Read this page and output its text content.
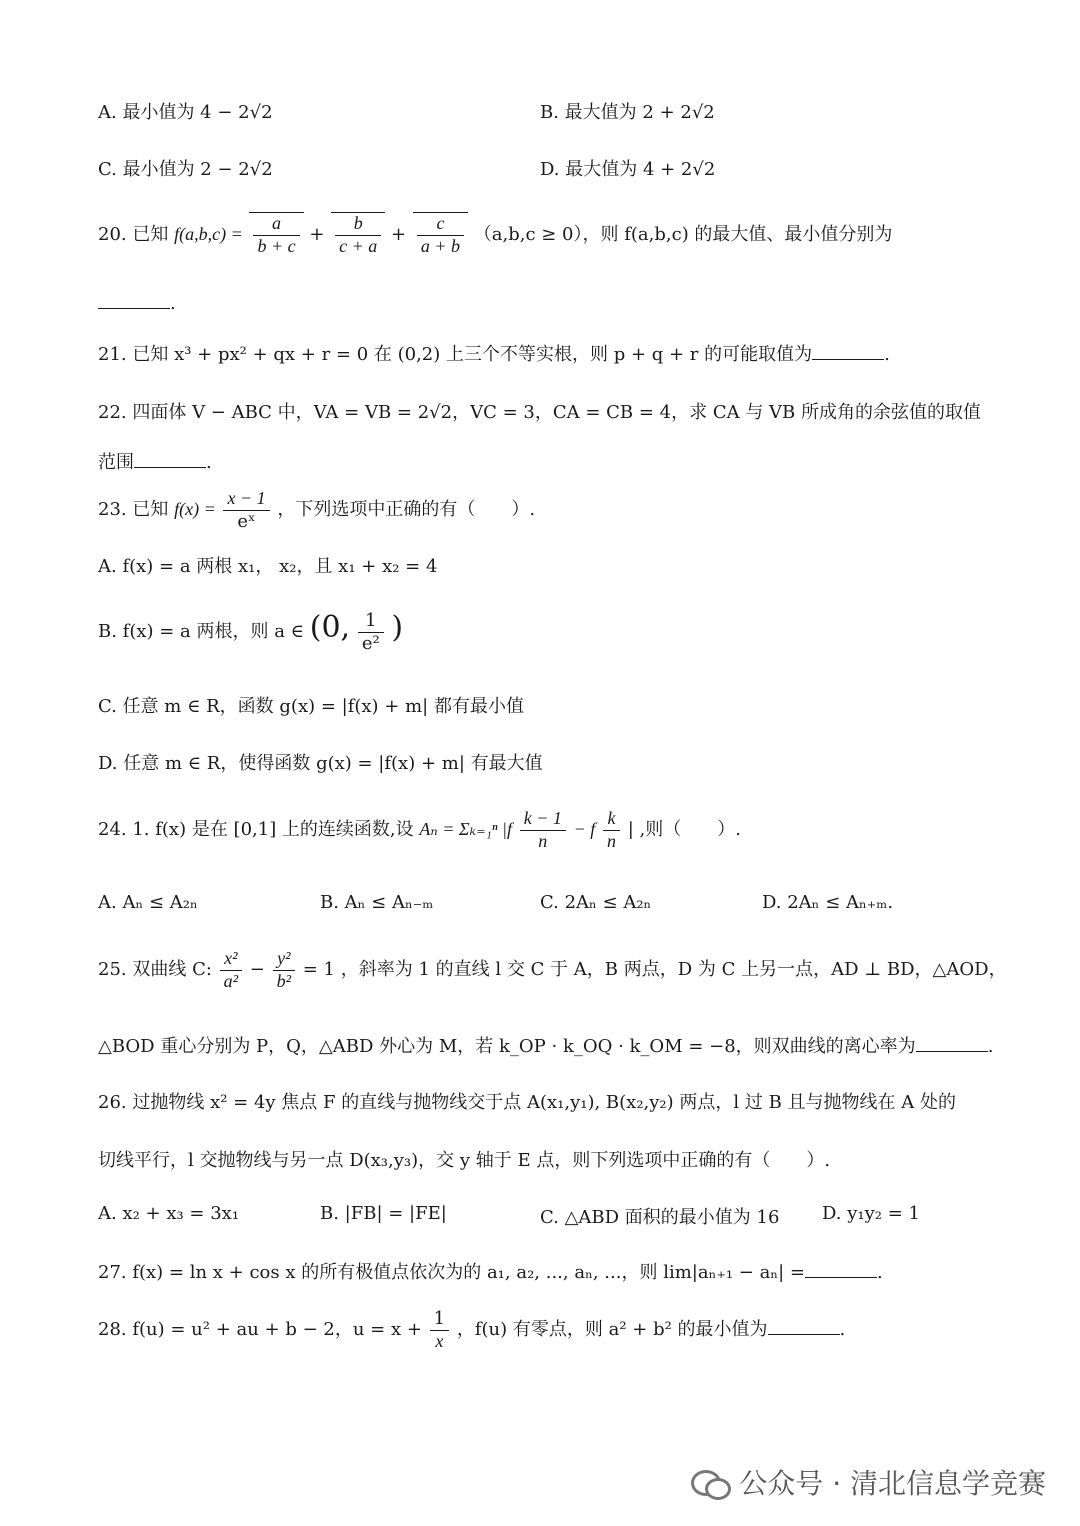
A. 最小值为 4 − 2√2	B. 最大值为 2 + 2√2
C. 最小值为 2 − 2√2	D. 最大值为 4 + 2√2
20. 已知 $f(a,b,c) = \frac{a}{b + c} + \frac{b}{c + a} + \frac{c}{a + b} (a,b,c \ge 0)$，则 f(a,b,c) 的最大值、最小值分别为
.
21. 已知 x³ + px² + qx + r = 0 在 (0,2) 上三个不等实根，则 p + q + r 的可能取值为	.
22. 四面体 V − ABC 中，VA = VB = 2√2，VC = 3，CA = CB = 4，求 CA 与 VB 所成角的余弦值的取值
范围	.
23. 已知 $f(x) = \frac{x - 1}{\text{eˣ}}$ ，下列选项中正确的有（　　）.
A. f(x) = a 两根 x₁， x₂，且 x₁ + x₂ = 4
B. f(x) = a 两根，则 a ∈ (0, $\frac{1}{\text{e²}}$ )
C. 任意 m ∈ R，函数 g(x) = |f(x) + m| 都有最小值
D. 任意 m ∈ R，使得函数 g(x) = |f(x) + m| 有最大值
24. 1. f(x) 是在 [0,1] 上的连续函数,设 Aₙ = Σₖ₌₁ⁿ $|f \frac{k - 1}{n} - f \frac{k}{n}$ | ,则（　　）.
A. Aₙ ≤ A₂ₙ	B. Aₙ ≤ Aₙ₋ₘ	C. 2Aₙ ≤ A₂ₙ	D. 2Aₙ ≤ Aₙ₊ₘ.
25. 双曲线 C: $\frac{\text{x²}}{\text{a²}} - \frac{\text{y²}}{\text{b²}} = 1$ ，斜率为 1 的直线 l 交 C 于 A，B 两点，D 为 C 上另一点，AD ⊥ BD，△AOD，
△BOD 重心分别为 P，Q，△ABD 外心为 M，若 k_OP · k_OQ · k_OM = −8，则双曲线的离心率为	.
26. 过抛物线 x² = 4y 焦点 F 的直线与抛物线交于点 A(x₁,y₁), B(x₂,y₂) 两点，l 过 B 且与抛物线在 A 处的
切线平行，l 交抛物线与另一点 D(x₃,y₃)，交 y 轴于 E 点，则下列选项中正确的有（　　）.
A. x₂ + x₃ = 3x₁	B. |FB| = |FE|	C. △ABD 面积的最小值为 16 D. y₁y₂ = 1
27. f(x) = ln x + cos x 的所有极值点依次为的 a₁, a₂, ..., aₙ, ...，则 lim|aₙ₊₁ − aₙ| =	.
28. f(u) = u² + au + b − 2，$u = x + \frac{1}{x}$ ，f(u) 有零点，则 a² + b² 的最小值为	.
公众号 · 清北信息学竞赛
